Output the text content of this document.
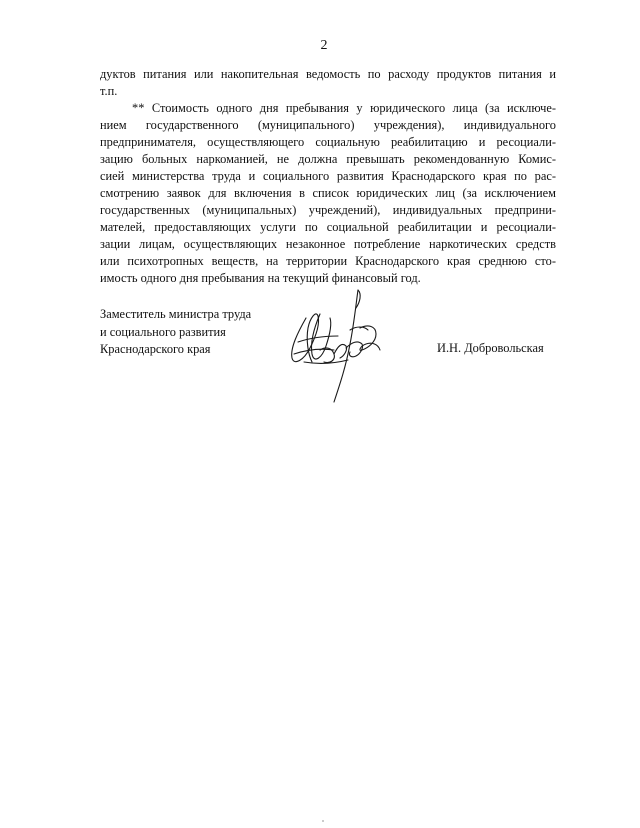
2
дуктов питания или накопительная ведомость по расходу продуктов питания и
т.п.
** Стоимость одного дня пребывания у юридического лица (за исключе-
нием государственного (муниципального) учреждения), индивидуального
предпринимателя, осуществляющего социальную реабилитацию и ресоциали-
зацию больных наркоманией, не должна превышать рекомендованную Комис-
сией министерства труда и социального развития Краснодарского края по рас-
смотрению заявок для включения в список юридических лиц (за исключением
государственных (муниципальных) учреждений), индивидуальных предприни-
мателей, предоставляющих услуги по социальной реабилитации и ресоциали-
зации лицам, осуществляющих незаконное потребление наркотических средств
или психотропных веществ, на территории Краснодарского края среднюю сто-
имость одного дня пребывания на текущий финансовый год.
Заместитель министра труда
и социального развития
Краснодарского края	И.Н. Добровольская
